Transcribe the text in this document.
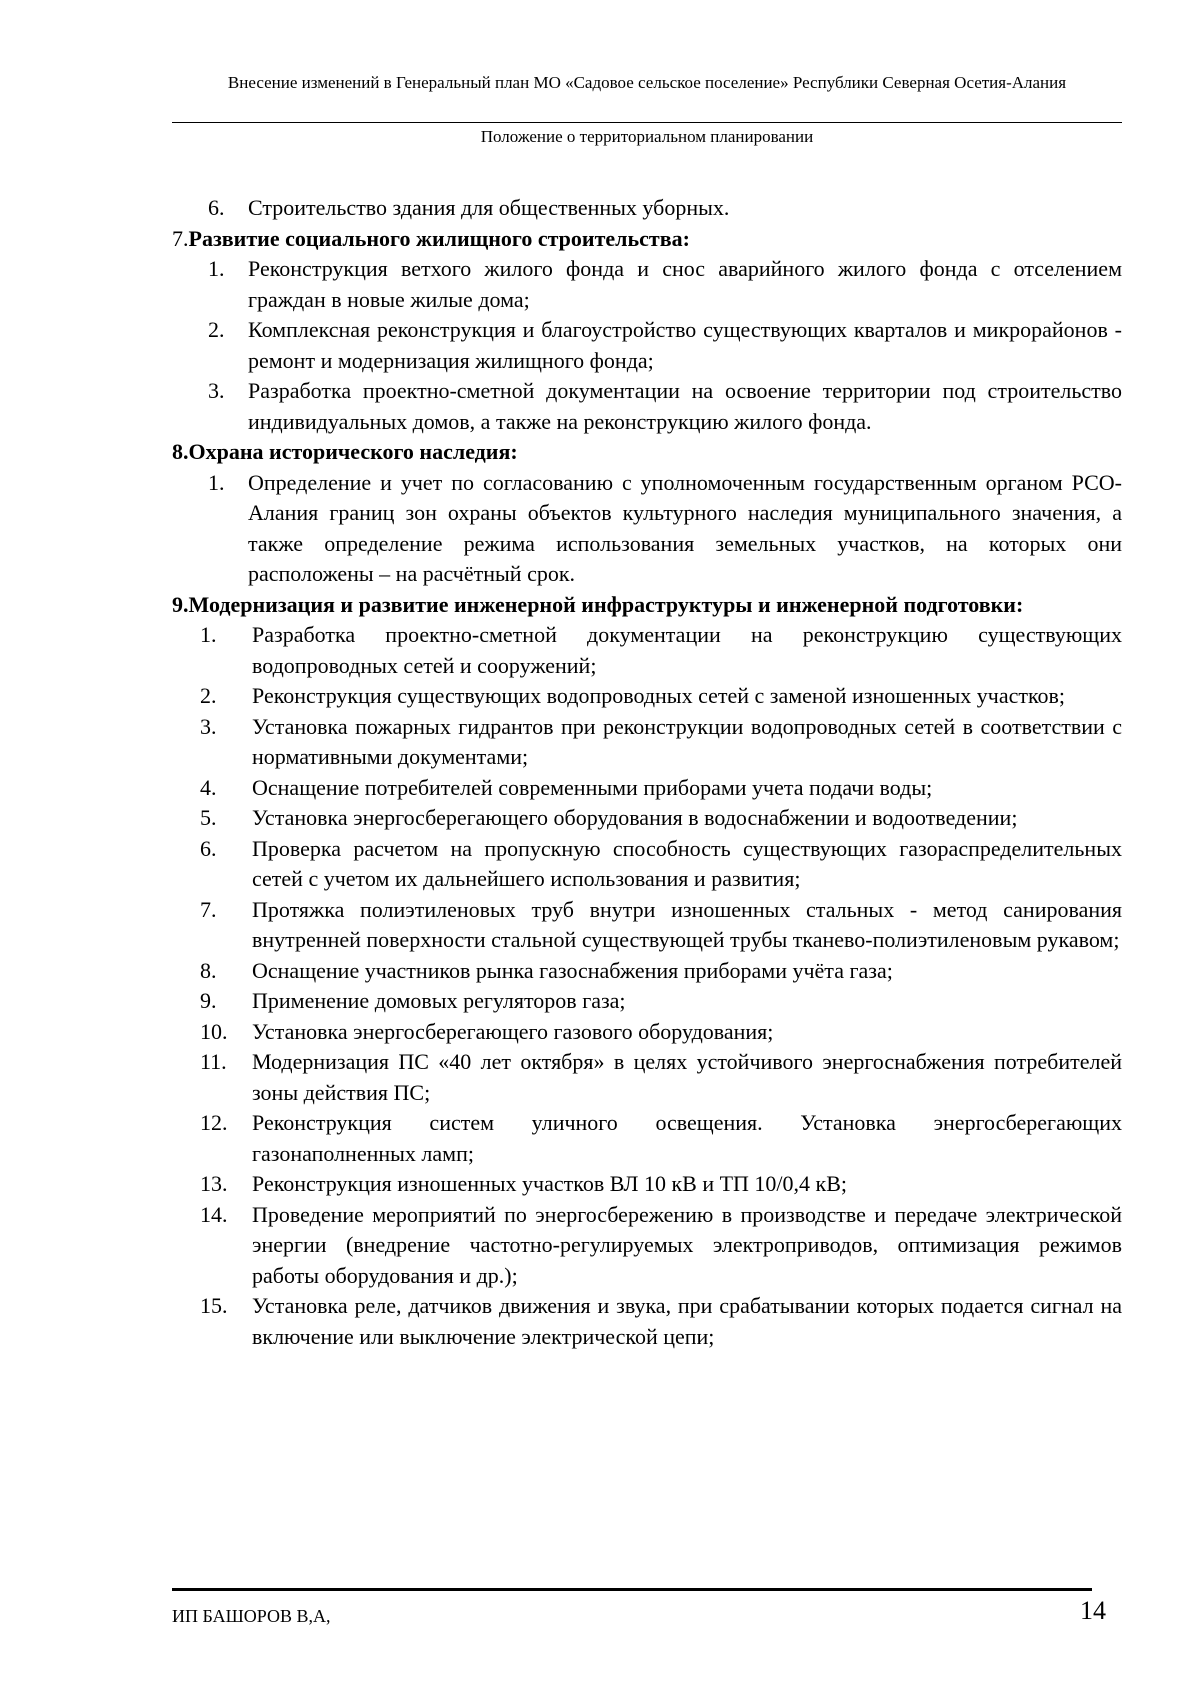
Внесение изменений в Генеральный план МО «Садовое сельское поселение» Республики Северная Осетия-Алания
Положение о территориальном планировании
6. Строительство здания для общественных уборных.
7.Развитие социального жилищного строительства:
1. Реконструкция ветхого жилого фонда и снос аварийного жилого фонда с отселением граждан в новые жилые дома;
2. Комплексная реконструкция и благоустройство существующих кварталов и микрорайонов - ремонт и модернизация жилищного фонда;
3. Разработка проектно-сметной документации на освоение территории под строительство индивидуальных домов, а также на реконструкцию жилого фонда.
8.Охрана исторического наследия:
1. Определение и учет по согласованию с уполномоченным государственным органом РСО-Алания границ зон охраны объектов культурного наследия муниципального значения, а также определение режима использования земельных участков, на которых они расположены – на расчётный срок.
9.Модернизация и развитие инженерной инфраструктуры и инженерной подготовки:
1. Разработка проектно-сметной документации на реконструкцию существующих водопроводных сетей и сооружений;
2. Реконструкция существующих водопроводных сетей с заменой изношенных участков;
3. Установка пожарных гидрантов при реконструкции водопроводных сетей в соответствии с нормативными документами;
4. Оснащение потребителей современными приборами учета подачи воды;
5. Установка энергосберегающего оборудования в водоснабжении и водоотведении;
6. Проверка расчетом на пропускную способность существующих газораспределительных сетей с учетом их дальнейшего использования и развития;
7. Протяжка полиэтиленовых труб внутри изношенных стальных - метод санирования внутренней поверхности стальной существующей трубы тканево-полиэтиленовым рукавом;
8. Оснащение участников рынка газоснабжения приборами учёта газа;
9. Применение домовых регуляторов газа;
10. Установка энергосберегающего газового оборудования;
11. Модернизация ПС «40 лет октября» в целях устойчивого энергоснабжения потребителей зоны действия ПС;
12. Реконструкция систем уличного освещения. Установка энергосберегающих газонаполненных ламп;
13. Реконструкция изношенных участков ВЛ 10 кВ и ТП 10/0,4 кВ;
14. Проведение мероприятий по энергосбережению в производстве и передаче электрической энергии (внедрение частотно-регулируемых электроприводов, оптимизация режимов работы оборудования и др.);
15. Установка реле, датчиков движения и звука, при срабатывании которых подается сигнал на включение или выключение электрической цепи;
ИП БАШОРОВ В,А,	14
